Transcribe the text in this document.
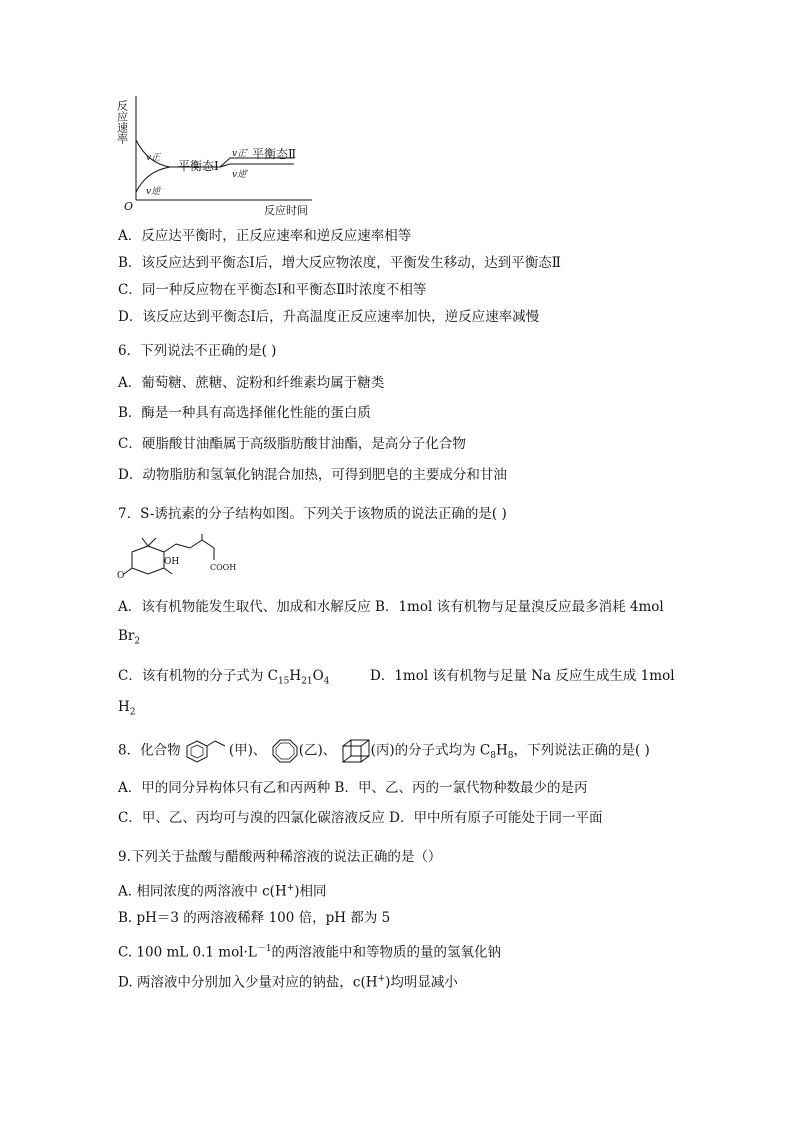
反应速率
反应时间
O
v正
v逆
平衡态Ⅰ
v正′ 平衡态Ⅱ
v逆′
A．反应达平衡时，正反应速率和逆反应速率相等
B．该反应达到平衡态Ⅰ后，增大反应物浓度，平衡发生移动，达到平衡态Ⅱ
C．同一种反应物在平衡态Ⅰ和平衡态Ⅱ时浓度不相等
D．该反应达到平衡态Ⅰ后，升高温度正反应速率加快，逆反应速率减慢
6．下列说法不正确的是( )
A．葡萄糖、蔗糖、淀粉和纤维素均属于糖类
B．酶是一种具有高选择催化性能的蛋白质
C．硬脂酸甘油酯属于高级脂肪酸甘油酯，是高分子化合物
D．动物脂肪和氢氧化钠混合加热，可得到肥皂的主要成分和甘油
7．S-诱抗素的分子结构如图。下列关于该物质的说法正确的是( )
OH
COOH
O
A．该有机物能发生取代、加成和水解反应 B．1mol 该有机物与足量溴反应最多消耗 4mol
$Br_2$
C．该有机物的分子式为 $C_{15}H_{21}O_4$	D．1mol 该有机物与足量 Na 反应生成生成 1mol
$H_2$
8．化合物	(甲)、 (乙)、	(丙)的分子式均为 $C_8H_8$，下列说法正确的是( )
A．甲的同分异构体只有乙和丙两种 B．甲、乙、丙的一氯代物种数最少的是丙
C．甲、乙、丙均可与溴的四氯化碳溶液反应 D．甲中所有原子可能处于同一平面
9.下列关于盐酸与醋酸两种稀溶液的说法正确的是（）
A. 相同浓度的两溶液中 c(H+)相同
B. pH＝3 的两溶液稀释 100 倍，pH 都为 5
C. 100 mL 0.1 $mol\cdot L^{-1}$的两溶液能中和等物质的量的氢氧化钠
D. 两溶液中分别加入少量对应的钠盐，c(H+)均明显减小
